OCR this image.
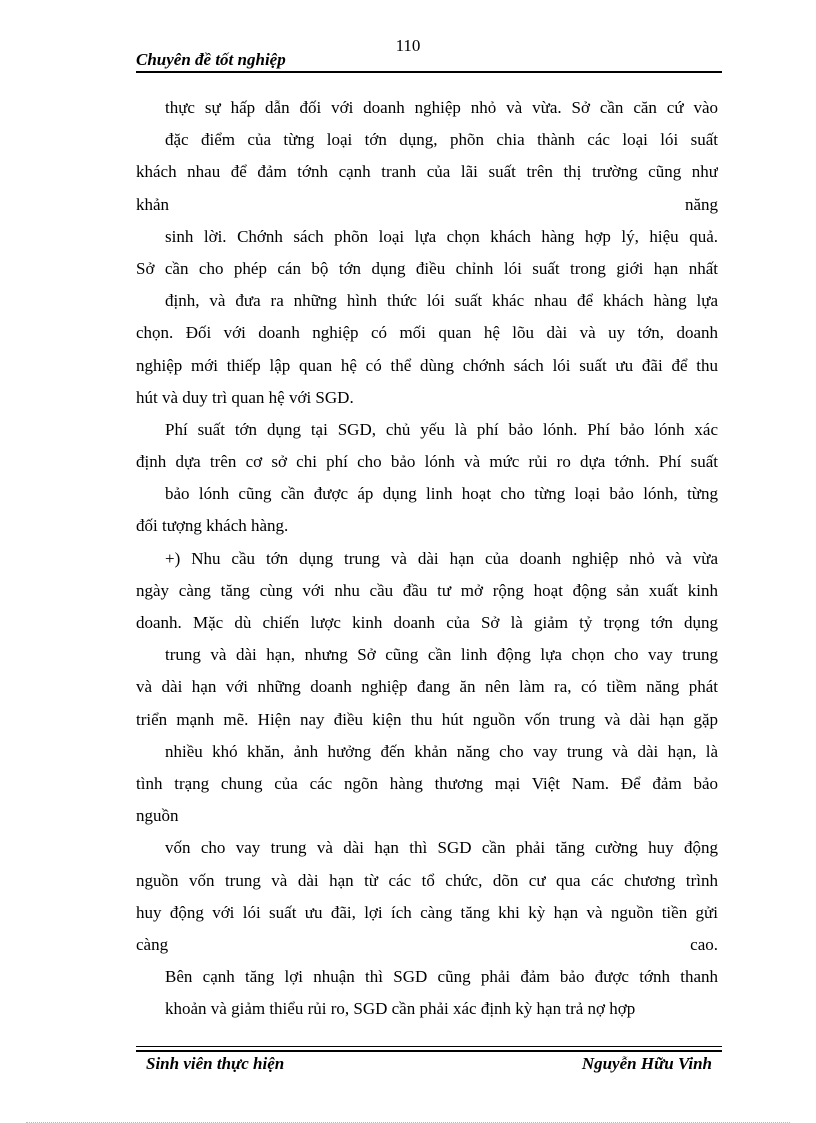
110
Chuyên đề tốt nghiệp
thực sự hấp dẫn đối với doanh nghiệp nhỏ và vừa. Sở cần căn cứ vào
đặc điểm của từng loại tớn dụng, phõn chia thành các loại lói suất
khách nhau để đảm tớnh cạnh tranh của lãi suất trên thị trường cũng như
khản năng
sinh lời. Chớnh sách phõn loại lựa chọn khách hàng hợp lý, hiệu quả.
Sở cần cho phép cán bộ tớn dụng điều chỉnh lói suất trong giới hạn nhất
định, và đưa ra những hình thức lói suất khác nhau để khách hàng lựa
chọn. Đối với doanh nghiệp có mối quan hệ lõu dài và uy tớn, doanh
nghiệp mới thiếp lập quan hệ có thể dùng chớnh sách lói suất ưu đãi để thu
hút và duy trì quan hệ với SGD.
Phí suất tớn dụng tại SGD, chủ yếu là phí bảo lónh. Phí bảo lónh xác
định dựa trên cơ sở chi phí cho bảo lónh và mức rủi ro dựa tớnh. Phí suất
bảo lónh cũng cần được áp dụng linh hoạt cho từng loại bảo lónh, từng
đối tượng khách hàng.
+) Nhu cầu tớn dụng trung và dài hạn của doanh nghiệp nhỏ và vừa
ngày càng tăng cùng với nhu cầu đầu tư mở rộng hoạt động sản xuất kinh
doanh. Mặc dù chiến lược kinh doanh của Sở là giảm tỷ trọng tớn dụng
trung và dài hạn, nhưng Sở cũng cần linh động lựa chọn cho vay trung
và dài hạn với những doanh nghiệp đang ăn nên làm ra, có tiềm năng phát
triển mạnh mẽ. Hiện nay điều kiện thu hút nguồn vốn trung và dài hạn gặp
nhiều khó khăn, ảnh hưởng đến khản năng cho vay trung và dài hạn, là
tình trạng chung của các ngõn hàng thương mại Việt Nam. Để đảm bảo
nguồn
vốn cho vay trung và dài hạn thì SGD cần phải tăng cường huy động
nguồn vốn trung và dài hạn từ các tổ chức, dõn cư qua các chương trình
huy động với lói suất ưu đãi, lợi ích càng tăng khi kỳ hạn và nguồn tiền gửi
càng cao.
Bên cạnh tăng lợi nhuận thì SGD cũng phải đảm bảo được tớnh thanh
khoản và giảm thiểu rủi ro, SGD cần phải xác định kỳ hạn trả nợ hợp
Sinh viên thực hiện	Nguyễn Hữu Vinh
